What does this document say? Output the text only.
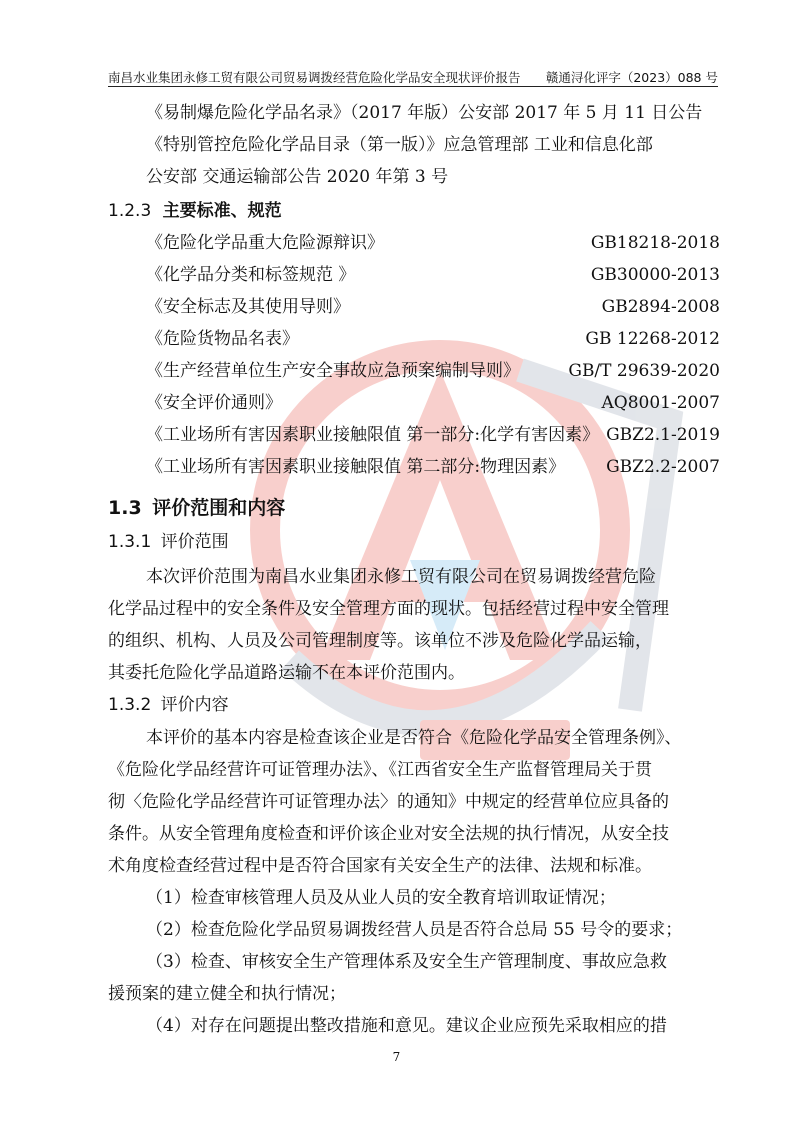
南昌水业集团永修工贸有限公司贸易调拨经营危险化学品安全现状评价报告 赣通浔化评字（2023）088 号
《易制爆危险化学品名录》（2017 年版）公安部 2017 年 5 月 11 日公告
《特别管控危险化学品目录（第一版）》应急管理部 工业和信息化部
公安部 交通运输部公告 2020 年第 3 号
1.2.3 主要标准、规范
《危险化学品重大危险源辩识》	GB18218-2018
《化学品分类和标签规范 》	GB30000-2013
《安全标志及其使用导则》	GB2894-2008
《危险货物品名表》	GB 12268-2012
《生产经营单位生产安全事故应急预案编制导则》	GB/T 29639-2020
《安全评价通则》	AQ8001-2007
《工业场所有害因素职业接触限值 第一部分:化学有害因素》 GBZ2.1-2019
《工业场所有害因素职业接触限值 第二部分:物理因素》 GBZ2.2-2007
1.3 评价范围和内容
1.3.1 评价范围
本次评价范围为南昌水业集团永修工贸有限公司在贸易调拨经营危险
化学品过程中的安全条件及安全管理方面的现状。包括经营过程中安全管理
的组织、机构、人员及公司管理制度等。该单位不涉及危险化学品运输，
其委托危险化学品道路运输不在本评价范围内。
1.3.2 评价内容
本评价的基本内容是检查该企业是否符合《危险化学品安全管理条例》、
《危险化学品经营许可证管理办法》、《江西省安全生产监督管理局关于贯
彻〈危险化学品经营许可证管理办法〉的通知》中规定的经营单位应具备的
条件。从安全管理角度检查和评价该企业对安全法规的执行情况，从安全技
术角度检查经营过程中是否符合国家有关安全生产的法律、法规和标准。
（1）检查审核管理人员及从业人员的安全教育培训取证情况；
（2）检查危险化学品贸易调拨经营人员是否符合总局 55 号令的要求；
（3）检查、审核安全生产管理体系及安全生产管理制度、事故应急救
援预案的建立健全和执行情况；
（4）对存在问题提出整改措施和意见。建议企业应预先采取相应的措
7
